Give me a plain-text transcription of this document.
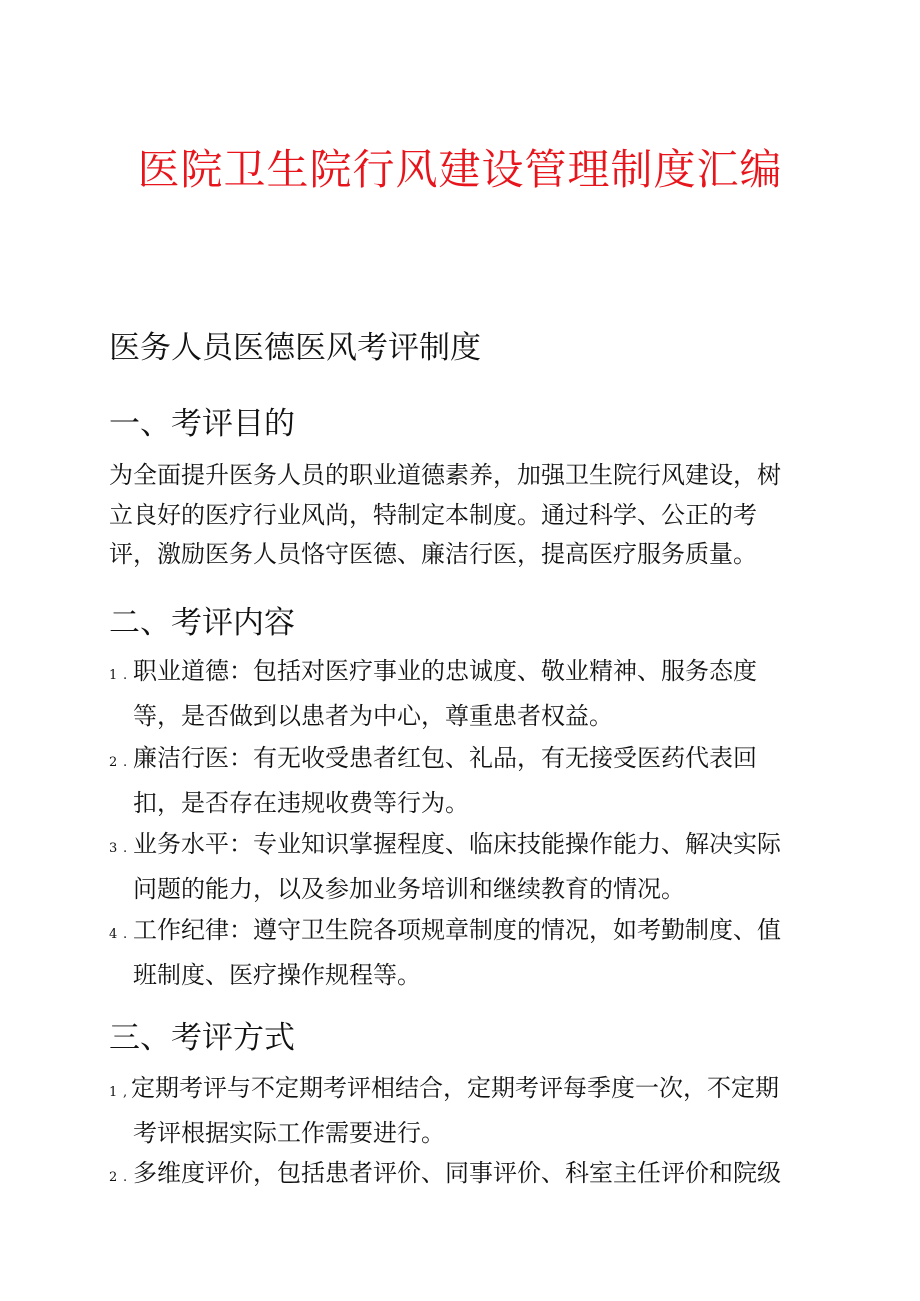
医院卫生院行风建设管理制度汇编
医务人员医德医风考评制度
一、考评目的
为全面提升医务人员的职业道德素养，加强卫生院行风建设，树
立良好的医疗行业风尚，特制定本制度。通过科学、公正的考
评，激励医务人员恪守医德、廉洁行医，提高医疗服务质量。
二、考评内容
1 . 职业道德：包括对医疗事业的忠诚度、敬业精神、服务态度
等，是否做到以患者为中心，尊重患者权益。
2 . 廉洁行医：有无收受患者红包、礼品，有无接受医药代表回
扣，是否存在违规收费等行为。
3 . 业务水平：专业知识掌握程度、临床技能操作能力、解决实际
问题的能力，以及参加业务培训和继续教育的情况。
4 . 工作纪律：遵守卫生院各项规章制度的情况，如考勤制度、值
班制度、医疗操作规程等。
三、考评方式
1 , 定期考评与不定期考评相结合，定期考评每季度一次，不定期
考评根据实际工作需要进行。
2 . 多维度评价，包括患者评价、同事评价、科室主任评价和院级
